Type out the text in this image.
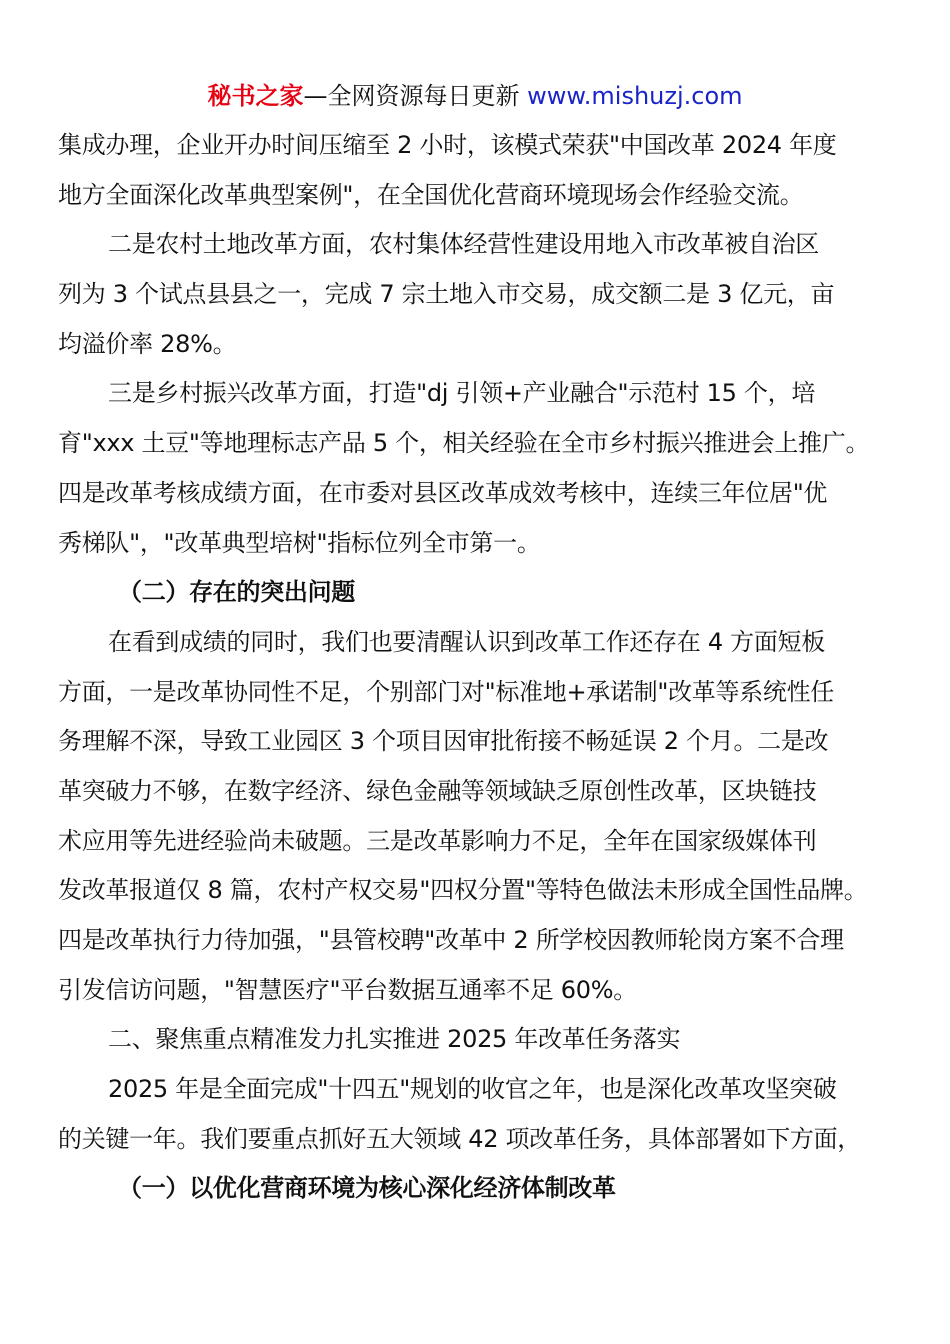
秘书之家—全网资源每日更新 www.mishuzj.com
集成办理，企业开办时间压缩至 2 小时，该模式荣获"中国改革 2024 年度
地方全面深化改革典型案例"，在全国优化营商环境现场会作经验交流。
二是农村土地改革方面，农村集体经营性建设用地入市改革被自治区
列为 3 个试点县县之一，完成 7 宗土地入市交易，成交额二是 3 亿元，亩
均溢价率 28%。
三是乡村振兴改革方面，打造"dj 引领+产业融合"示范村 15 个，培
育"xxx 土豆"等地理标志产品 5 个，相关经验在全市乡村振兴推进会上推广。
四是改革考核成绩方面，在市委对县区改革成效考核中，连续三年位居"优
秀梯队"，"改革典型培树"指标位列全市第一。
（二）存在的突出问题
在看到成绩的同时，我们也要清醒认识到改革工作还存在 4 方面短板
方面，一是改革协同性不足，个别部门对"标准地+承诺制"改革等系统性任
务理解不深，导致工业园区 3 个项目因审批衔接不畅延误 2 个月。二是改
革突破力不够，在数字经济、绿色金融等领域缺乏原创性改革，区块链技
术应用等先进经验尚未破题。三是改革影响力不足，全年在国家级媒体刊
发改革报道仅 8 篇，农村产权交易"四权分置"等特色做法未形成全国性品牌。
四是改革执行力待加强，"县管校聘"改革中 2 所学校因教师轮岗方案不合理
引发信访问题，"智慧医疗"平台数据互通率不足 60%。
二、聚焦重点精准发力扎实推进 2025 年改革任务落实
2025 年是全面完成"十四五"规划的收官之年，也是深化改革攻坚突破
的关键一年。我们要重点抓好五大领域 42 项改革任务，具体部署如下方面，
（一）以优化营商环境为核心深化经济体制改革
